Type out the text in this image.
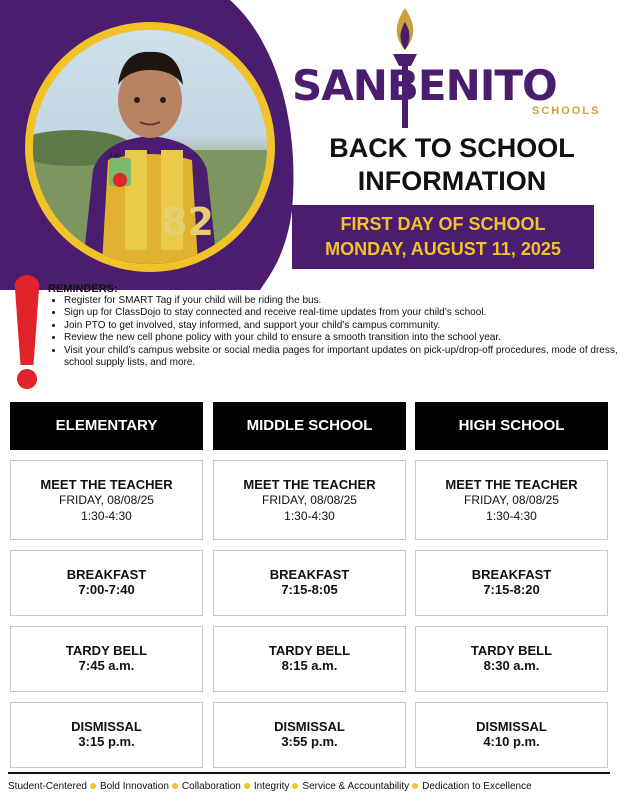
82
# 40
SANBENITO
SCHOOLS
BACK TO SCHOOL
INFORMATION
FIRST DAY OF SCHOOL
MONDAY, AUGUST 11, 2025
REMINDERS:
• Register for SMART Tag if your child will be riding the bus.
• Sign up for ClassDojo to stay connected and receive real-time updates from your child’s school.
• Join PTO to get involved, stay informed, and support your child’s campus community.
• Review the new cell phone policy with your child to ensure a smooth transition into the school year.
• Visit your child’s campus website or social media pages for important updates on pick-up/drop-off procedures, mode of dress, school supply lists, and more.
ELEMENTARY	MIDDLE SCHOOL	HIGH SCHOOL
MEET THE TEACHER
FRIDAY, 08/08/25
1:30-4:30
MEET THE TEACHER
FRIDAY, 08/08/25
1:30-4:30
MEET THE TEACHER
FRIDAY, 08/08/25
1:30-4:30
BREAKFAST
7:00-7:40
BREAKFAST
7:15-8:05
BREAKFAST
7:15-8:20
TARDY BELL
7:45 a.m.
TARDY BELL
8:15 a.m.
TARDY BELL
8:30 a.m.
DISMISSAL
3:15 p.m.
DISMISSAL
3:55 p.m.
DISMISSAL
4:10 p.m.
Student-Centered Bold Innovation Collaboration Integrity Service & Accountability Dedication to Excellence
